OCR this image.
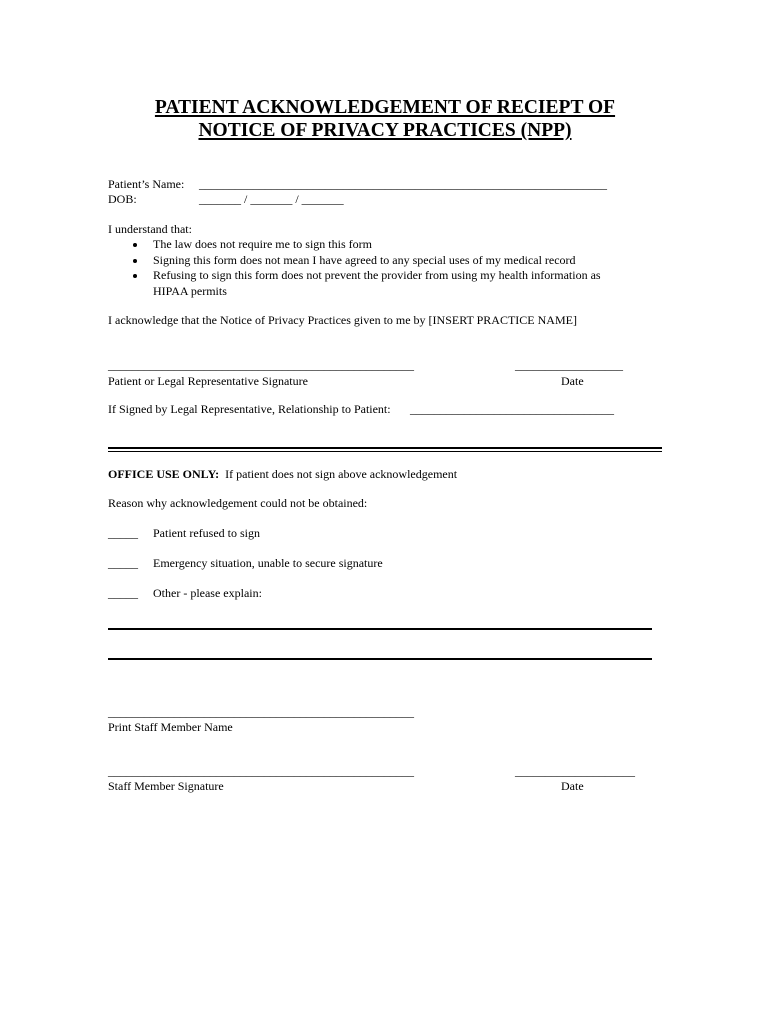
PATIENT ACKNOWLEDGEMENT OF RECIEPT OF
NOTICE OF PRIVACY PRACTICES (NPP)
Patient’s Name: ____________________________________________________________________
DOB:	_______ / _______ / _______
I understand that:
The law does not require me to sign this form
Signing this form does not mean I have agreed to any special uses of my medical record
Refusing to sign this form does not prevent the provider from using my health information as
HIPAA permits
I acknowledge that the Notice of Privacy Practices given to me by [INSERT PRACTICE NAME]
___________________________________________________	__________________
Patient or Legal Representative Signature	Date
If Signed by Legal Representative, Relationship to Patient: __________________________________
OFFICE USE ONLY: If patient does not sign above acknowledgement
Reason why acknowledgement could not be obtained:
_____ Patient refused to sign
_____ Emergency situation, unable to secure signature
_____ Other - please explain:
___________________________________________________
Print Staff Member Name
___________________________________________________	____________________
Staff Member Signature	Date
